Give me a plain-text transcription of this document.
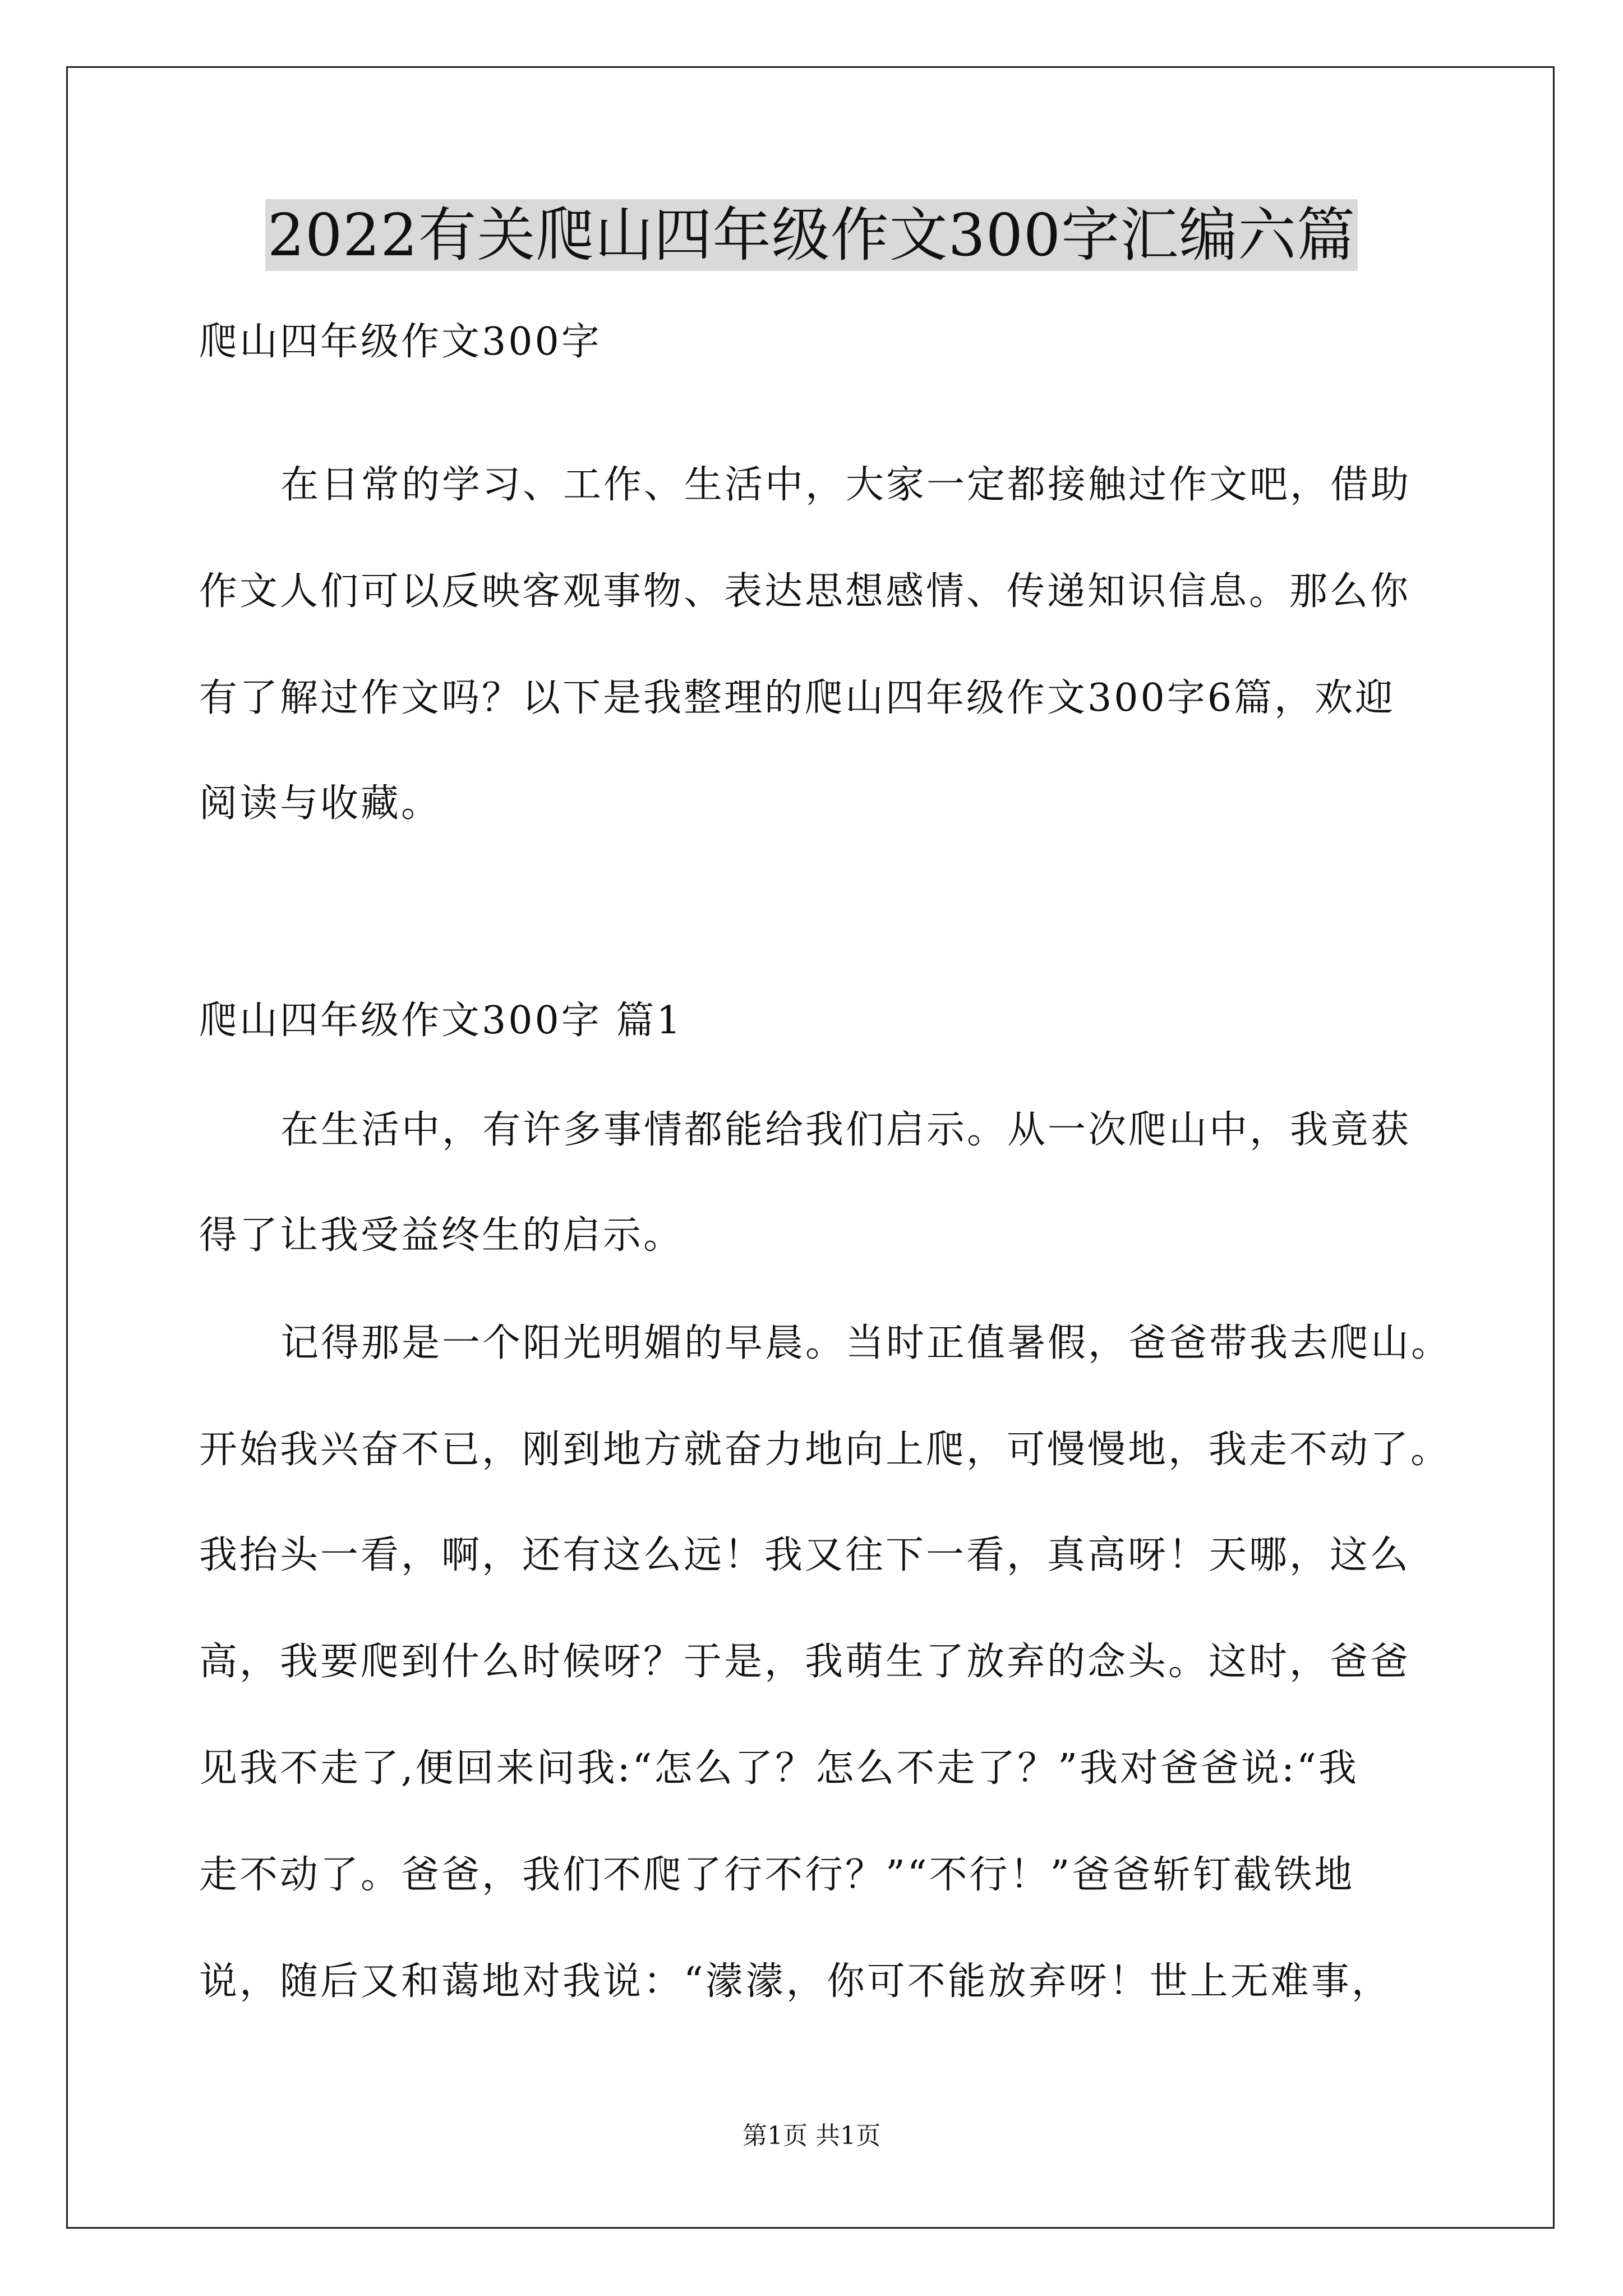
2022有关爬山四年级作文300字汇编六篇
爬山四年级作文300字
在日常的学习、工作、生活中，大家一定都接触过作文吧，借助
作文人们可以反映客观事物、表达思想感情、传递知识信息。那么你
有了解过作文吗？以下是我整理的爬山四年级作文300字6篇，欢迎
阅读与收藏。
爬山四年级作文300字 篇1
在生活中，有许多事情都能给我们启示。从一次爬山中，我竟获
得了让我受益终生的启示。
记得那是一个阳光明媚的早晨。当时正值暑假，爸爸带我去爬山。
开始我兴奋不已，刚到地方就奋力地向上爬，可慢慢地，我走不动了。
我抬头一看，啊，还有这么远！我又往下一看，真高呀！天哪，这么
高，我要爬到什么时候呀？于是，我萌生了放弃的念头。这时，爸爸
见我不走了,便回来问我:“怎么了？怎么不走了？”我对爸爸说:“我
走不动了。爸爸，我们不爬了行不行？”“不行！”爸爸斩钉截铁地
说，随后又和蔼地对我说：“濛濛，你可不能放弃呀！世上无难事，
第1页 共1页
